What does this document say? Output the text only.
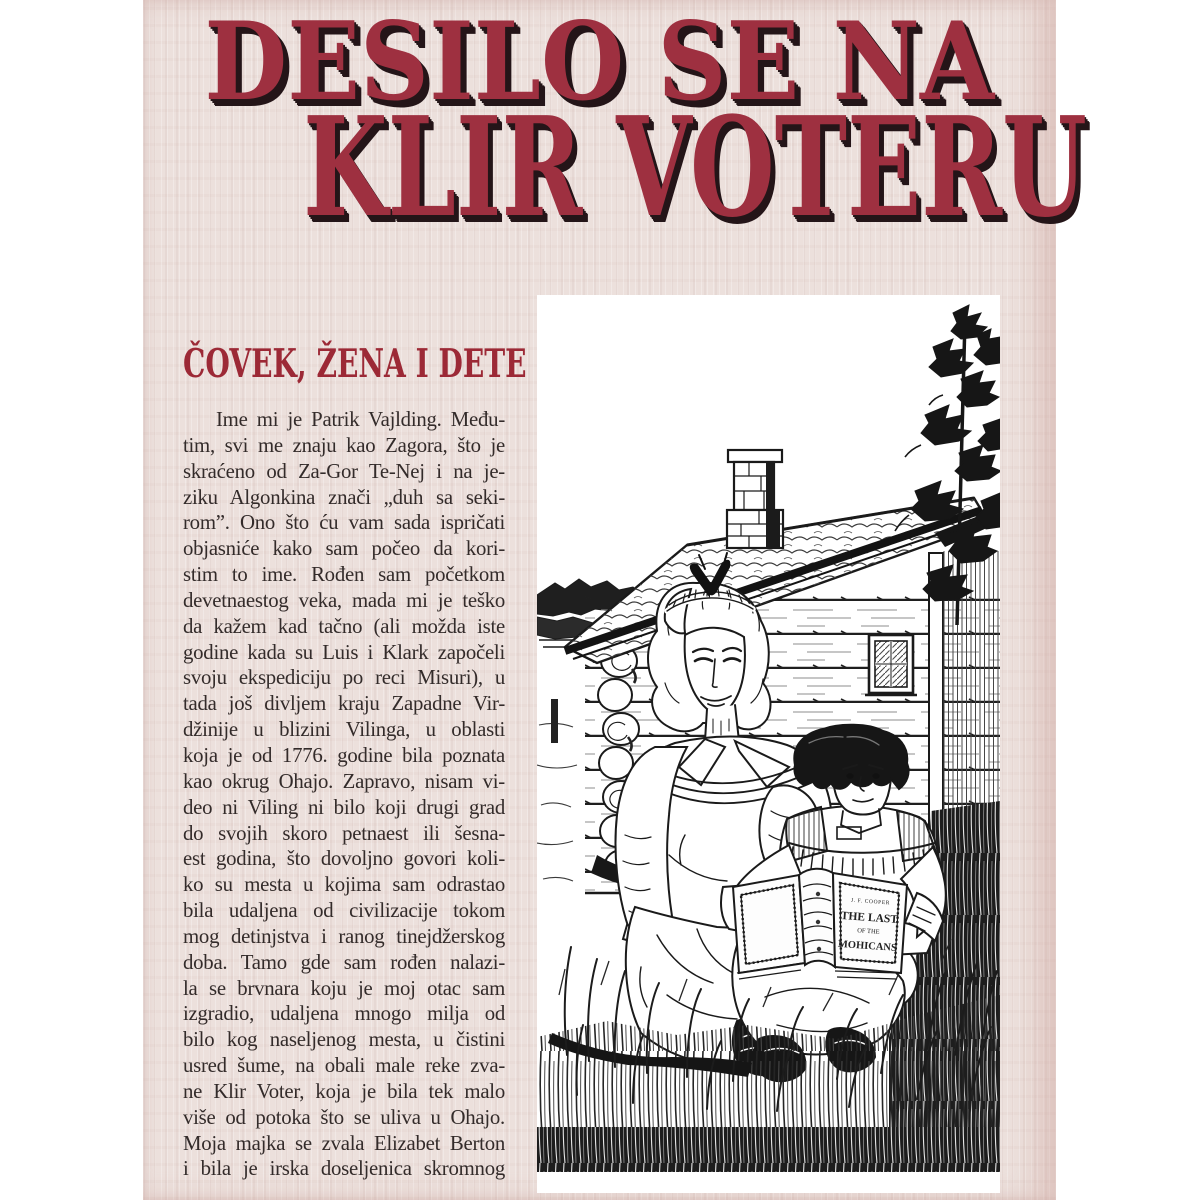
DESILO SE NA
KLIR VOTERU
ČOVEK, ŽENA I DETE
Ime mi je Patrik Vajlding. Među-
tim, svi me znaju kao Zagora, što je
skraćeno od Za-Gor Te-Nej i na je-
ziku Algonkina znači „duh sa seki-
rom”. Ono što ću vam sada ispričati
objasniće kako sam počeo da kori-
stim to ime. Rođen sam početkom
devetnaestog veka, mada mi je teško
da kažem kad tačno (ali možda iste
godine kada su Luis i Klark započeli
svoju ekspediciju po reci Misuri), u
tada još divljem kraju Zapadne Vir-
džinije u blizini Vilinga, u oblasti
koja je od 1776. godine bila poznata
kao okrug Ohajo. Zapravo, nisam vi-
deo ni Viling ni bilo koji drugi grad
do svojih skoro petnaest ili šesna-
est godina, što dovoljno govori koli-
ko su mesta u kojima sam odrastao
bila udaljena od civilizacije tokom
mog detinjstva i ranog tinejdžerskog
doba. Tamo gde sam rođen nalazi-
la se brvnara koju je moj otac sam
izgradio, udaljena mnogo milja od
bilo kog naseljenog mesta, u čistini
usred šume, na obali male reke zva-
ne Klir Voter, koja je bila tek malo
više od potoka što se uliva u Ohajo.
Moja majka se zvala Elizabet Berton
i bila je irska doseljenica skromnog
J. F. COOPER
THE LAST
OF THE
MOHICANS
